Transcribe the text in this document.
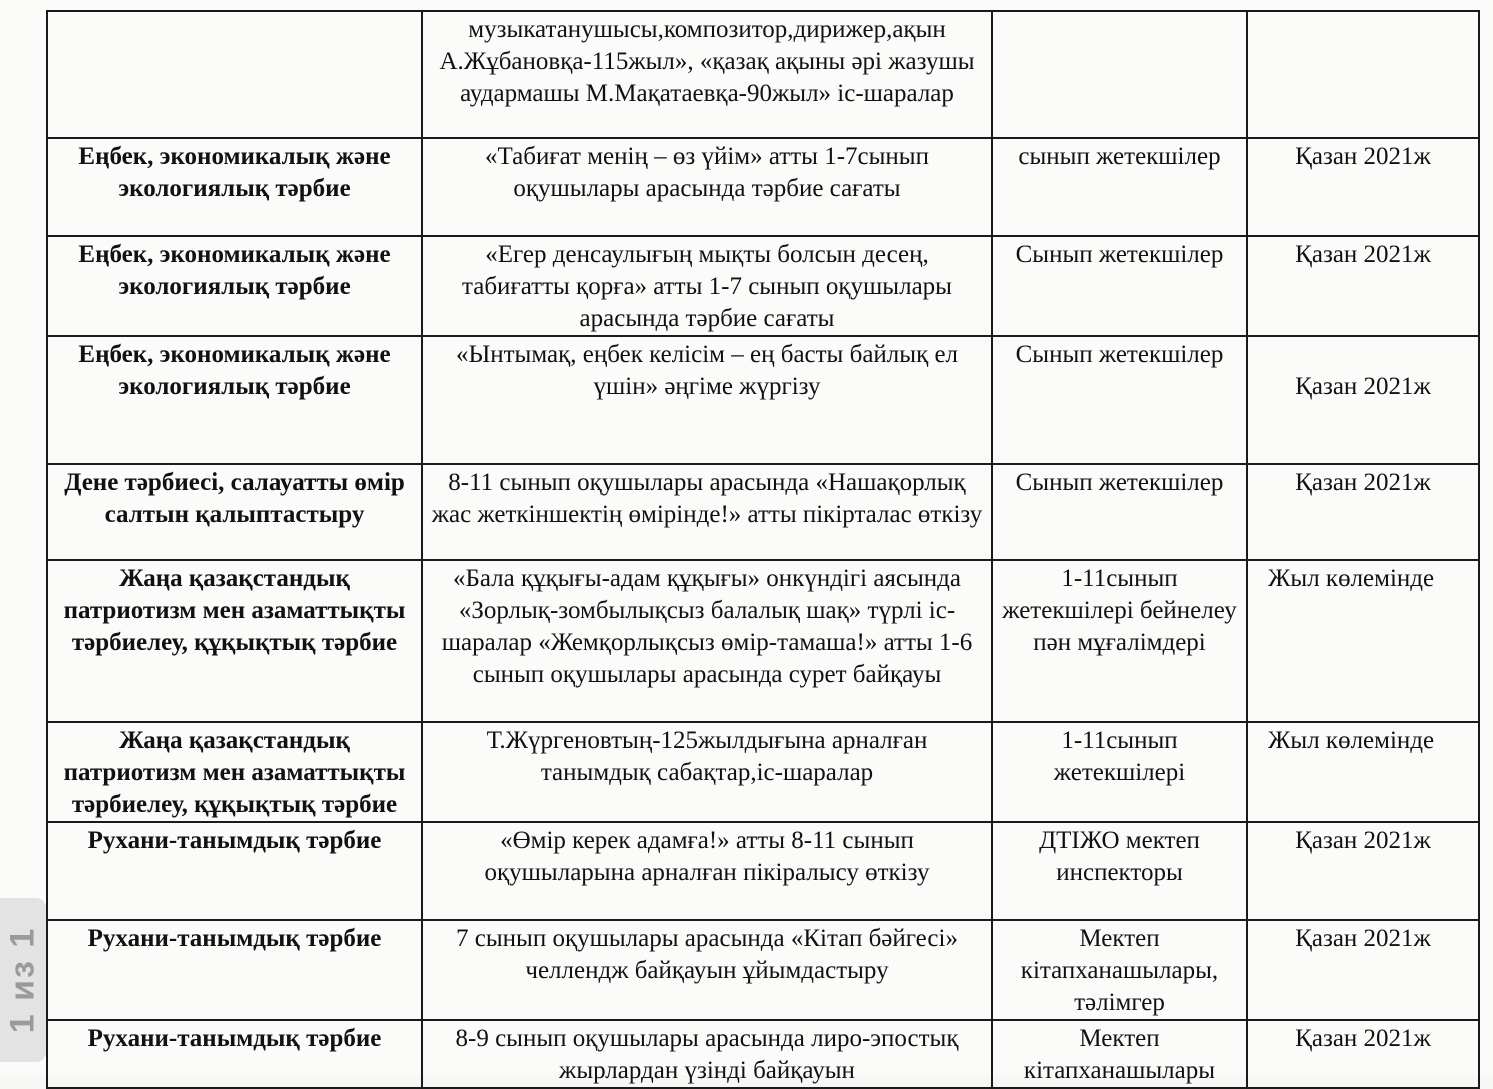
	музыкатанушысы,композитор,дирижер,ақын А.Жұбановқа-115жыл», «қазақ ақыны әрі жазушы аудармашы М.Мақатаевқа-90жыл» іс-шаралар		
Еңбек, экономикалық және экологиялық тәрбие	«Табиғат менің – өз үйім» атты 1-7сынып оқушылары арасында тәрбие сағаты	сынып жетекшілер	Қазан 2021ж
Еңбек, экономикалық және экологиялық тәрбие	«Егер денсаулығың мықты болсын десең, табиғатты қорға» атты 1-7 сынып оқушылары арасында тәрбие сағаты	Сынып жетекшілер	Қазан 2021ж
Еңбек, экономикалық және экологиялық тәрбие	«Ынтымақ, еңбек келісім – ең басты байлық ел үшін» әңгіме жүргізу	Сынып жетекшілер	Қазан 2021ж
Дене тәрбиесі, салауатты өмір салтын қалыптастыру	8-11 сынып оқушылары арасында «Нашақорлық жас жеткіншектің өмірінде!» атты пікірталас өткізу	Сынып жетекшілер	Қазан 2021ж
Жаңа қазақстандық патриотизм мен азаматтықты тәрбиелеу, құқықтық тәрбие	«Бала құқығы-адам құқығы» онкүндігі аясында «Зорлық-зомбылықсыз балалық шақ» түрлі іс-шаралар «Жемқорлықсыз өмір-тамаша!» атты 1-6 сынып оқушылары арасында сурет байқауы	1-11сынып жетекшілері бейнелеу пән мұғалімдері	Жыл көлемінде
Жаңа қазақстандық патриотизм мен азаматтықты тәрбиелеу, құқықтық тәрбие	Т.Жүргеновтың-125жылдығына арналған танымдық сабақтар,іс-шаралар	1-11сынып жетекшілері	Жыл көлемінде
Рухани-танымдық тәрбие	«Өмір керек адамға!» атты 8-11 сынып оқушыларына арналған пікіралысу өткізу	ДТІЖО мектеп инспекторы	Қазан 2021ж
Рухани-танымдық тәрбие	7 сынып оқушылары арасында «Кітап бәйгесі» челлендж байқауын ұйымдастыру	Мектеп кітапханашылары, тәлімгер	Қазан 2021ж
Рухани-танымдық тәрбие	8-9 сынып оқушылары арасында лиро-эпостық жырлардан үзінді байқауын	Мектеп кітапханашылары	Қазан 2021ж
1 из 1
